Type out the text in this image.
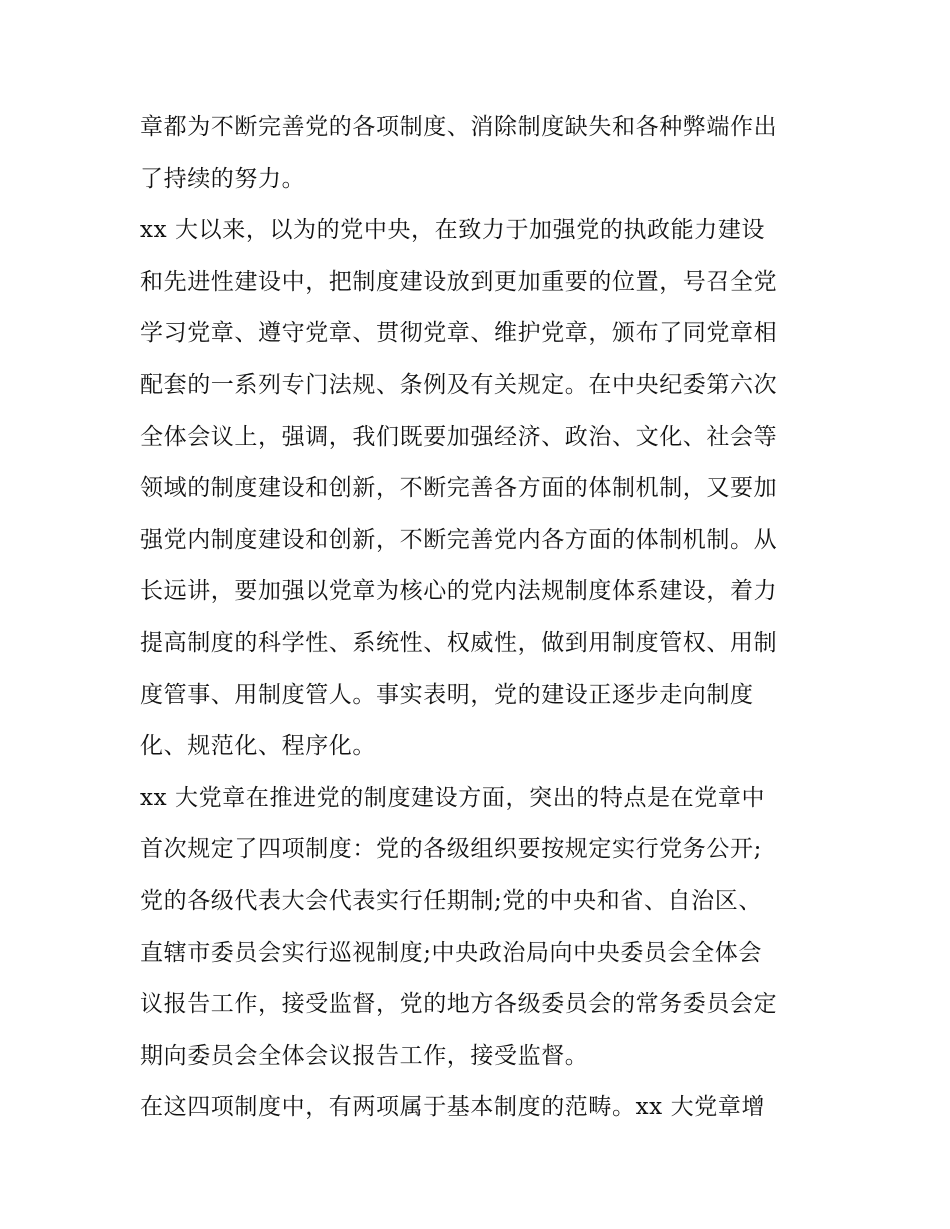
章都为不断完善党的各项制度、消除制度缺失和各种弊端作出
了持续的努力。
xx 大以来，以为的党中央，在致力于加强党的执政能力建设
和先进性建设中，把制度建设放到更加重要的位置，号召全党
学习党章、遵守党章、贯彻党章、维护党章，颁布了同党章相
配套的一系列专门法规、条例及有关规定。在中央纪委第六次
全体会议上，强调，我们既要加强经济、政治、文化、社会等
领域的制度建设和创新，不断完善各方面的体制机制，又要加
强党内制度建设和创新，不断完善党内各方面的体制机制。从
长远讲，要加强以党章为核心的党内法规制度体系建设，着力
提高制度的科学性、系统性、权威性，做到用制度管权、用制
度管事、用制度管人。事实表明，党的建设正逐步走向制度
化、规范化、程序化。
xx 大党章在推进党的制度建设方面，突出的特点是在党章中
首次规定了四项制度：党的各级组织要按规定实行党务公开;
党的各级代表大会代表实行任期制;党的中央和省、自治区、
直辖市委员会实行巡视制度;中央政治局向中央委员会全体会
议报告工作，接受监督，党的地方各级委员会的常务委员会定
期向委员会全体会议报告工作，接受监督。
在这四项制度中，有两项属于基本制度的范畴。xx 大党章增
